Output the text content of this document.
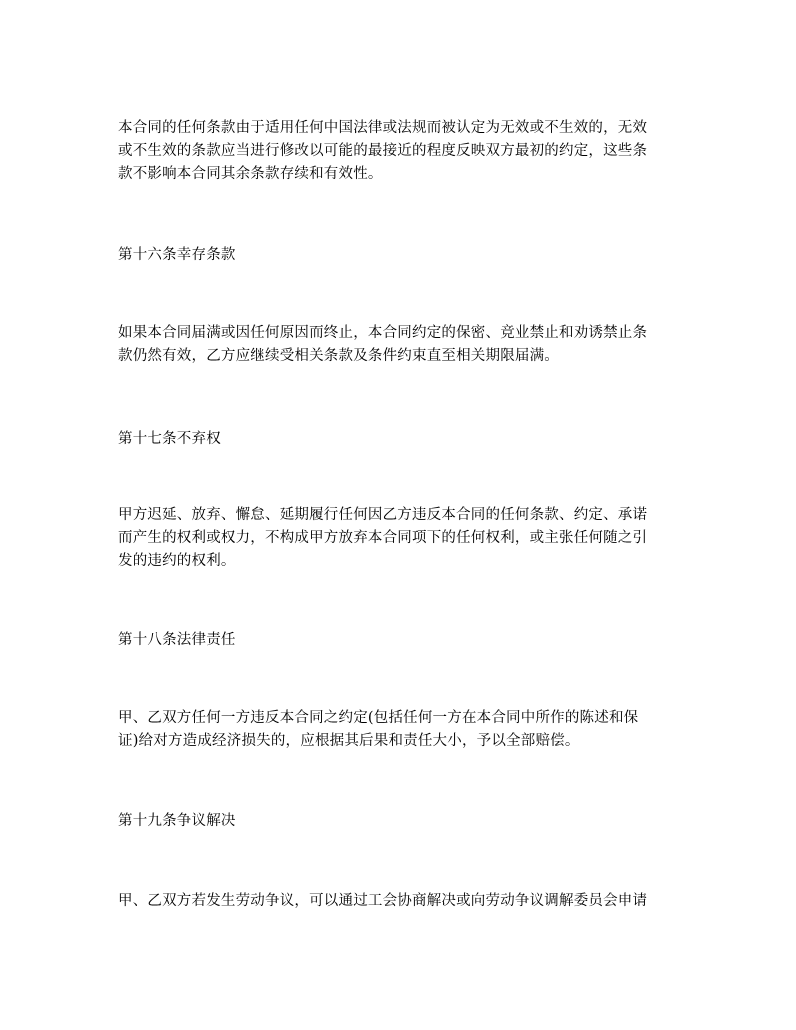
本合同的任何条款由于适用任何中国法律或法规而被认定为无效或不生效的，无效
或不生效的条款应当进行修改以可能的最接近的程度反映双方最初的约定，这些条
款不影响本合同其余条款存续和有效性。

第十六条幸存条款

如果本合同届满或因任何原因而终止，本合同约定的保密、竞业禁止和劝诱禁止条
款仍然有效，乙方应继续受相关条款及条件约束直至相关期限届满。

第十七条不弃权

甲方迟延、放弃、懈怠、延期履行任何因乙方违反本合同的任何条款、约定、承诺
而产生的权利或权力，不构成甲方放弃本合同项下的任何权利，或主张任何随之引
发的违约的权利。

第十八条法律责任

甲、乙双方任何一方违反本合同之约定(包括任何一方在本合同中所作的陈述和保
证)给对方造成经济损失的，应根据其后果和责任大小，予以全部赔偿。

第十九条争议解决

甲、乙双方若发生劳动争议，可以通过工会协商解决或向劳动争议调解委员会申请
